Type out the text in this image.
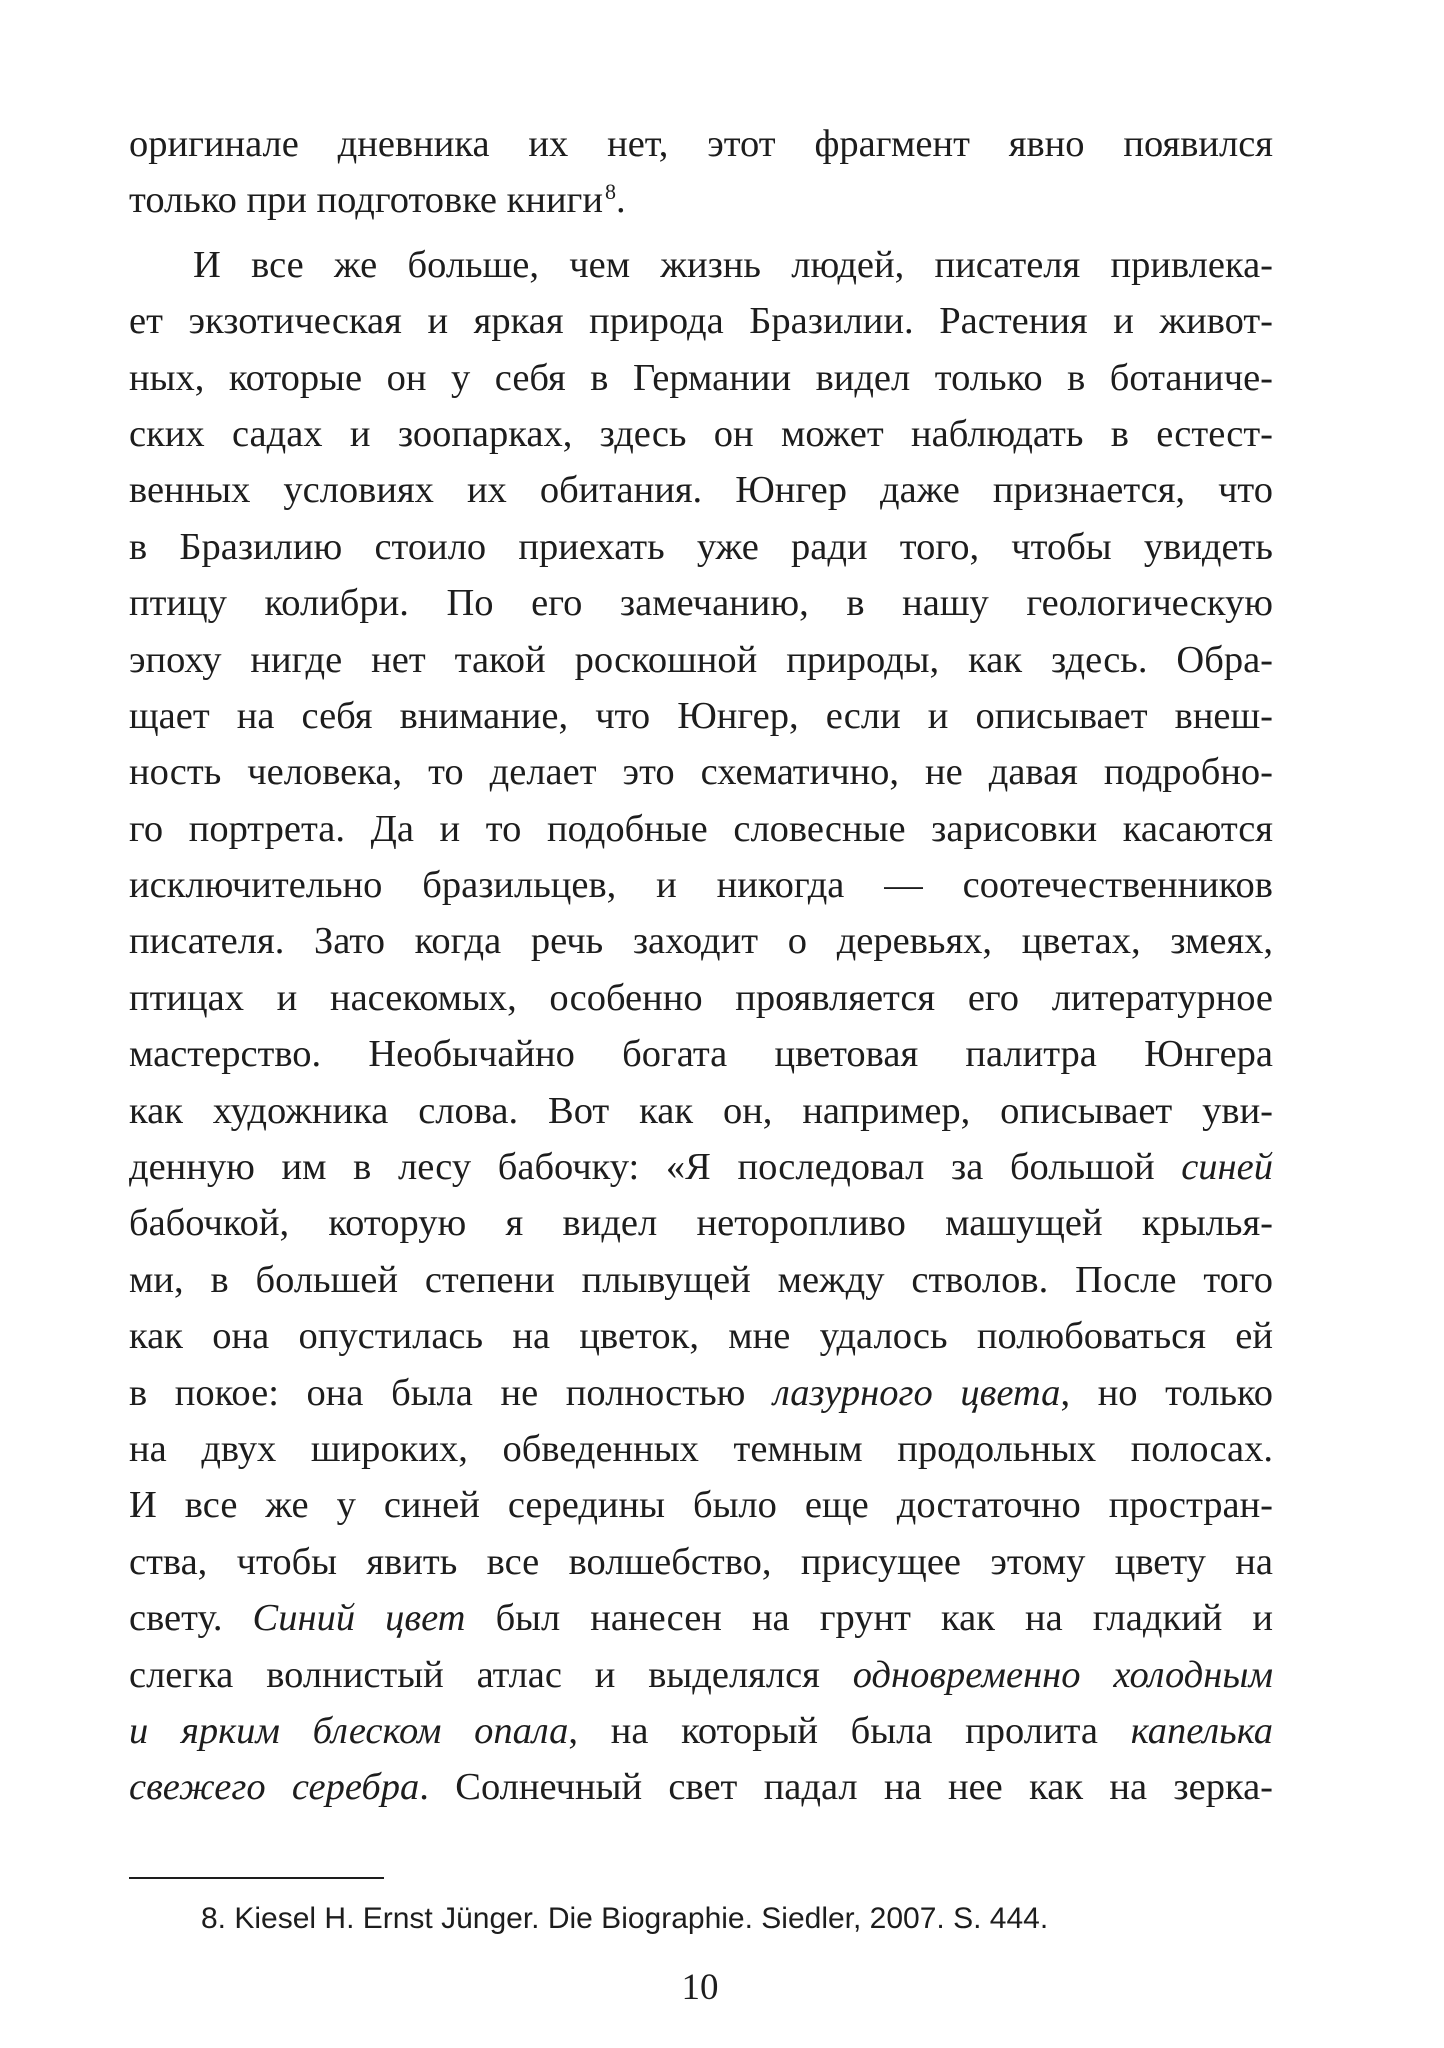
оригинале дневника их нет, этот фрагмент явно появился
только при подготовке книги$^8$.
И все же больше, чем жизнь людей, писателя привлека-
ет экзотическая и яркая природа Бразилии. Растения и живот-
ных, которые он у себя в Германии видел только в ботаниче-
ских садах и зоопарках, здесь он может наблюдать в естест-
венных условиях их обитания. Юнгер даже признается, что
в Бразилию стоило приехать уже ради того, чтобы увидеть
птицу колибри. По его замечанию, в нашу геологическую
эпоху нигде нет такой роскошной природы, как здесь. Обра-
щает на себя внимание, что Юнгер, если и описывает внеш-
ность человека, то делает это схематично, не давая подробно-
го портрета. Да и то подобные словесные зарисовки касаются
исключительно бразильцев, и никогда — соотечественников
писателя. Зато когда речь заходит о деревьях, цветах, змеях,
птицах и насекомых, особенно проявляется его литературное
мастерство. Необычайно богата цветовая палитра Юнгера
как художника слова. Вот как он, например, описывает уви-
денную им в лесу бабочку: «Я последовал за большой синей
бабочкой, которую я видел неторопливо машущей крылья-
ми, в большей степени плывущей между стволов. После того
как она опустилась на цветок, мне удалось полюбоваться ей
в покое: она была не полностью лазурного цвета, но только
на двух широких, обведенных темным продольных полосах.
И все же у синей середины было еще достаточно простран-
ства, чтобы явить все волшебство, присущее этому цвету на
свету. Синий цвет был нанесен на грунт как на гладкий и
слегка волнистый атлас и выделялся одновременно холодным
и ярким блеском опала, на который была пролита капелька
свежего серебра. Солнечный свет падал на нее как на зерка-
8. Kiesel H. Ernst Jünger. Die Biographie. Siedler, 2007. S. 444.
10
